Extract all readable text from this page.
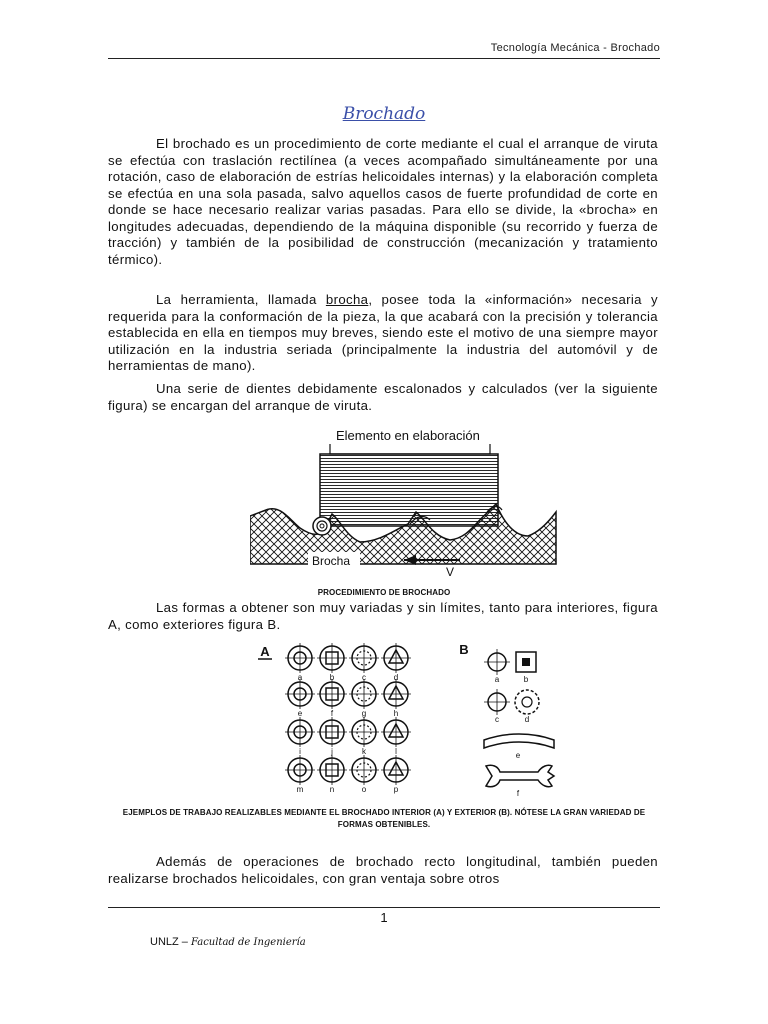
Tecnología Mecánica - Brochado
Brochado

El brochado es un procedimiento de corte mediante el cual el arranque de viruta se efectúa con traslación rectilínea (a veces acompañado simultáneamente por una rotación, caso de elaboración de estrías helicoidales internas) y la elaboración completa se efectúa en una sola pasada, salvo aquellos casos de fuerte profundidad de corte en donde se hace necesario realizar varias pasadas. Para ello se divide, la «brocha» en longitudes adecuadas, dependiendo de la máquina disponible (su recorrido y fuerza de tracción) y también de la posibilidad de construcción (mecanización y tratamiento térmico).

La herramienta, llamada brocha, posee toda la «información» necesaria y requerida para la conformación de la pieza, la que acabará con la precisión y tolerancia establecida en ella en tiempos muy breves, siendo este el motivo de una siempre mayor utilización en la industria seriada (principalmente la industria del automóvil y de herramientas de mano).

Una serie de dientes debidamente escalonados y calculados (ver la siguiente figura) se encargan del arranque de viruta.

Elemento en elaboración
Brocha
V
PROCEDIMIENTO DE BROCHADO

Las formas a obtener son muy variadas y sin límites, tanto para interiores, figura A, como exteriores figura B.

A	B
a	b	c	d
e	f	g	h
i	j	k	l
m	n	o	p
a	b
c	d
e
f
EJEMPLOS DE TRABAJO REALIZABLES MEDIANTE EL BROCHADO INTERIOR (A) Y EXTERIOR (B). NÓTESE LA GRAN VARIEDAD DE
FORMAS OBTENIBLES.

Además de operaciones de brochado recto longitudinal, también pueden realizarse brochados helicoidales, con gran ventaja sobre otros

1
UNLZ – Facultad de Ingeniería
